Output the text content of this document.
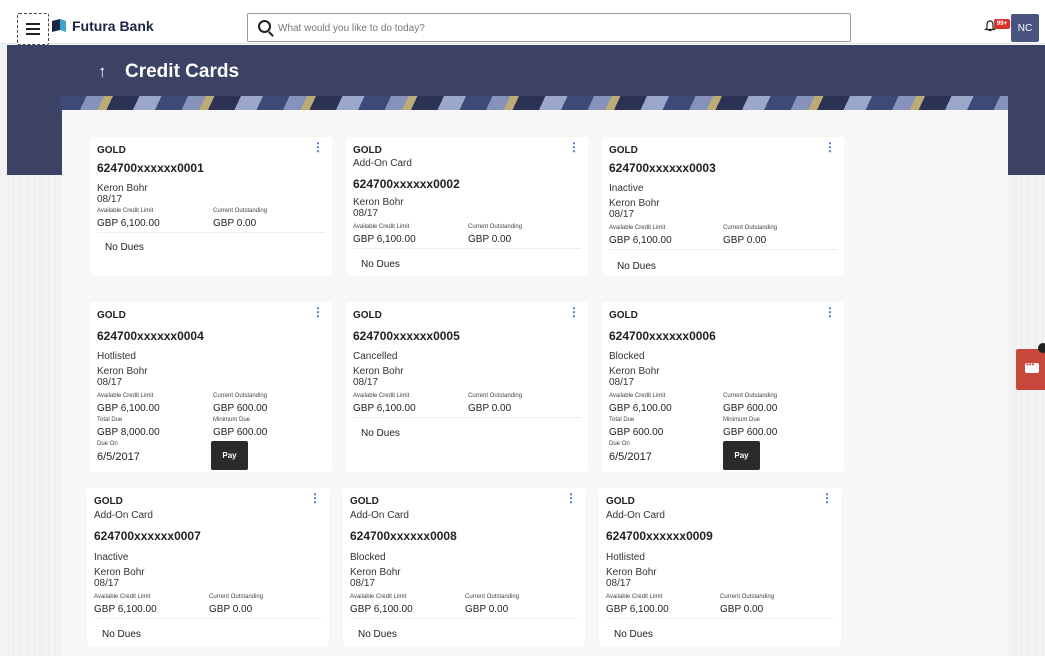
Futura Bank
What would you like to do today?	99+	NC
↑ Credit Cards
⋮
GOLD
624700xxxxxx0001
Keron Bohr
08/17
Available Credit Limit	Current Outstanding
GBP 6,100.00	GBP 0.00
No Dues
⋮
GOLD
Add-On Card
624700xxxxxx0002
Keron Bohr
08/17
Available Credit Limit	Current Outstanding
GBP 6,100.00	GBP 0.00
No Dues
⋮
GOLD
624700xxxxxx0003
Inactive
Keron Bohr
08/17
Available Credit Limit	Current Outstanding
GBP 6,100.00	GBP 0.00
No Dues
⋮
GOLD
624700xxxxxx0004
Hotlisted
Keron Bohr
08/17
Available Credit Limit	Current Outstanding
GBP 6,100.00	GBP 600.00
Total Due	Minimum Due
GBP 8,000.00	GBP 600.00
Due On
6/5/2017	Pay
⋮
GOLD
624700xxxxxx0005
Cancelled
Keron Bohr
08/17
Available Credit Limit	Current Outstanding
GBP 6,100.00	GBP 0.00
No Dues
⋮
GOLD
624700xxxxxx0006
Blocked
Keron Bohr
08/17
Available Credit Limit	Current Outstanding
GBP 6,100.00	GBP 600.00
Total Due	Minimum Due
GBP 600.00	GBP 600.00
Due On
6/5/2017	Pay
⋮
GOLD
Add-On Card
624700xxxxxx0007
Inactive
Keron Bohr
08/17
Available Credit Limit	Current Outstanding
GBP 6,100.00	GBP 0.00
No Dues
⋮
GOLD
Add-On Card
624700xxxxxx0008
Blocked
Keron Bohr
08/17
Available Credit Limit	Current Outstanding
GBP 6,100.00	GBP 0.00
No Dues
⋮
GOLD
Add-On Card
624700xxxxxx0009
Hotlisted
Keron Bohr
08/17
Available Credit Limit	Current Outstanding
GBP 6,100.00	GBP 0.00
No Dues
•••
